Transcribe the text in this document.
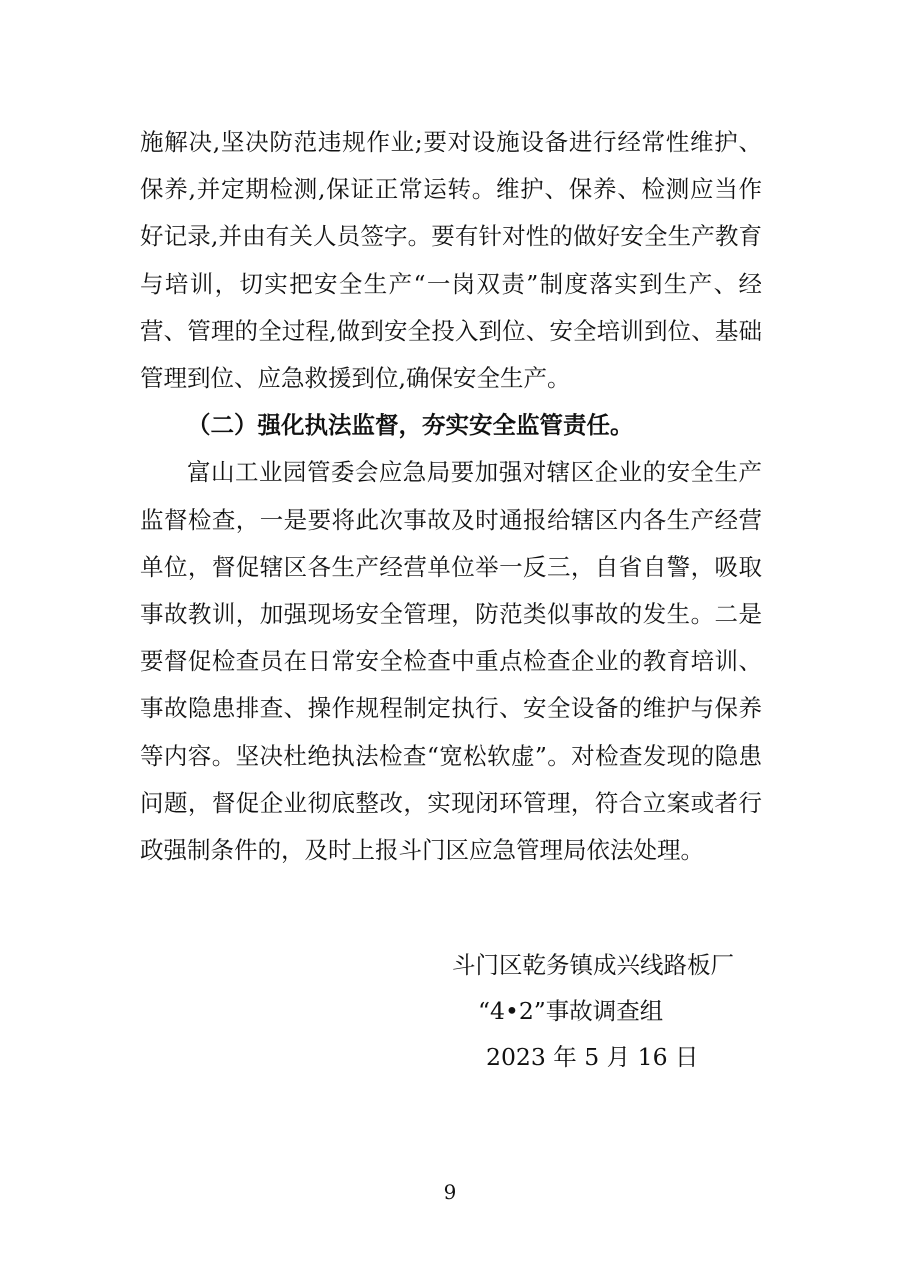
施解决,坚决防范违规作业;要对设施设备进行经常性维护、保养,并定期检测,保证正常运转。维护、保养、检测应当作好记录,并由有关人员签字。要有针对性的做好安全生产教育与培训，切实把安全生产“一岗双责”制度落实到生产、经营、管理的全过程,做到安全投入到位、安全培训到位、基础管理到位、应急救援到位,确保安全生产。

（二）强化执法监督，夯实安全监管责任。

富山工业园管委会应急局要加强对辖区企业的安全生产监督检查，一是要将此次事故及时通报给辖区内各生产经营单位，督促辖区各生产经营单位举一反三，自省自警，吸取事故教训，加强现场安全管理，防范类似事故的发生。二是要督促检查员在日常安全检查中重点检查企业的教育培训、事故隐患排查、操作规程制定执行、安全设备的维护与保养等内容。坚决杜绝执法检查“宽松软虚”。对检查发现的隐患问题，督促企业彻底整改，实现闭环管理，符合立案或者行政强制条件的，及时上报斗门区应急管理局依法处理。

斗门区乾务镇成兴线路板厂
“4•2”事故调查组
2023 年 5 月 16 日
9
